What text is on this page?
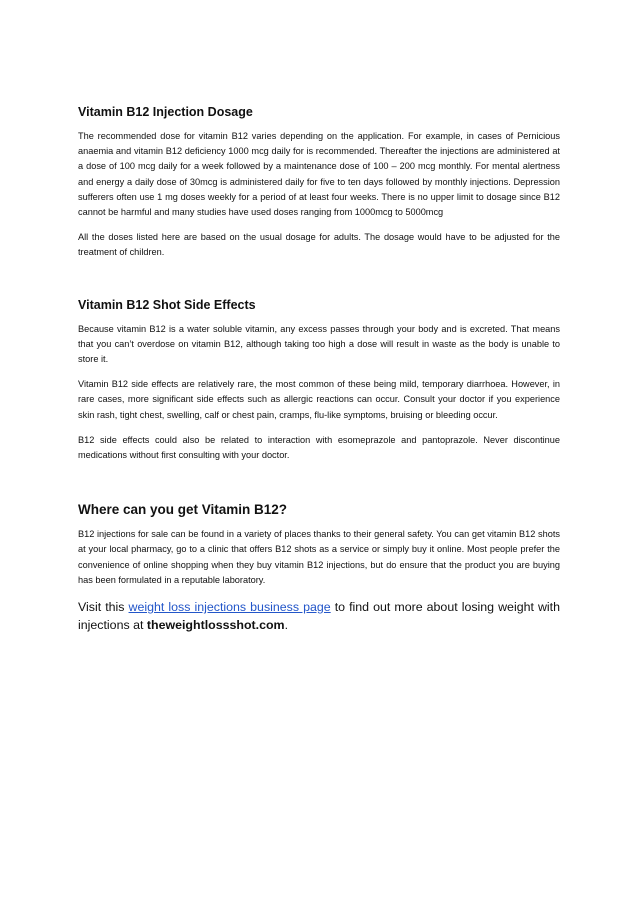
Vitamin B12 Injection Dosage

The recommended dose for vitamin B12 varies depending on the application. For example, in cases of Pernicious anaemia and vitamin B12 deficiency 1000 mcg daily for is recommended. Thereafter the injections are administered at a dose of 100 mcg daily for a week followed by a maintenance dose of 100 – 200 mcg monthly. For mental alertness and energy a daily dose of 30mcg is administered daily for five to ten days followed by monthly injections. Depression sufferers often use 1 mg doses weekly for a period of at least four weeks. There is no upper limit to dosage since B12 cannot be harmful and many studies have used doses ranging from 1000mcg to 5000mcg

All the doses listed here are based on the usual dosage for adults. The dosage would have to be adjusted for the treatment of children.

Vitamin B12 Shot Side Effects

Because vitamin B12 is a water soluble vitamin, any excess passes through your body and is excreted. That means that you can’t overdose on vitamin B12, although taking too high a dose will result in waste as the body is unable to store it.

Vitamin B12 side effects are relatively rare, the most common of these being mild, temporary diarrhoea. However, in rare cases, more significant side effects such as allergic reactions can occur. Consult your doctor if you experience skin rash, tight chest, swelling, calf or chest pain, cramps, flu-like symptoms, bruising or bleeding occur.

B12 side effects could also be related to interaction with esomeprazole and pantoprazole. Never discontinue medications without first consulting with your doctor.

Where can you get Vitamin B12?

B12 injections for sale can be found in a variety of places thanks to their general safety. You can get vitamin B12 shots at your local pharmacy, go to a clinic that offers B12 shots as a service or simply buy it online. Most people prefer the convenience of online shopping when they buy vitamin B12 injections, but do ensure that the product you are buying has been formulated in a reputable laboratory.

Visit this weight loss injections business page to find out more about losing weight with injections at theweightlossshot.com.
